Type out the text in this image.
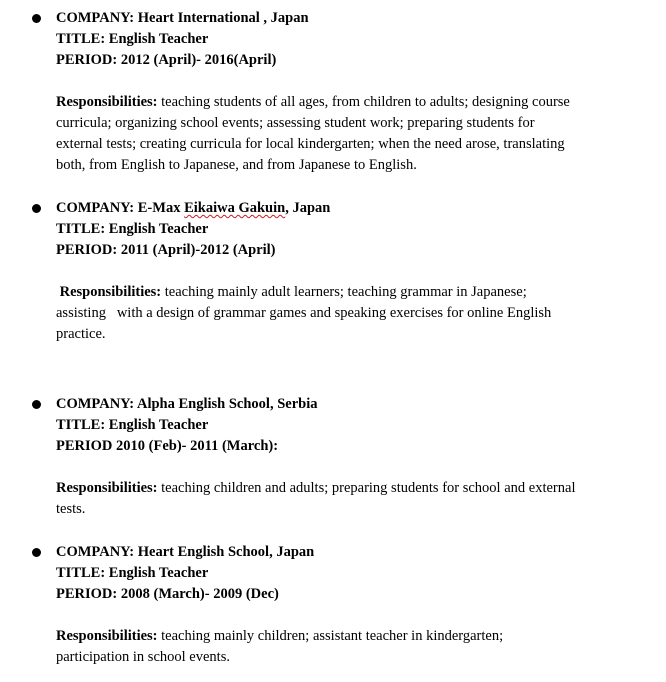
COMPANY: Heart International , Japan
TITLE: English Teacher
PERIOD: 2012 (April)- 2016(April)
Responsibilities: teaching students of all ages, from children to adults; designing course
curricula; organizing school events; assessing student work; preparing students for
external tests; creating curricula for local kindergarten; when the need arose, translating
both, from English to Japanese, and from Japanese to English.
COMPANY: E-Max Eikaiwa Gakuin, Japan
TITLE: English Teacher
PERIOD: 2011 (April)-2012 (April)
Responsibilities: teaching mainly adult learners; teaching grammar in Japanese;
assisting   with a design of grammar games and speaking exercises for online English
practice.
COMPANY: Alpha English School, Serbia
TITLE: English Teacher
PERIOD 2010 (Feb)- 2011 (March):
Responsibilities: teaching children and adults; preparing students for school and external
tests.
COMPANY: Heart English School, Japan
TITLE: English Teacher
PERIOD: 2008 (March)- 2009 (Dec)
Responsibilities: teaching mainly children; assistant teacher in kindergarten;
participation in school events.
